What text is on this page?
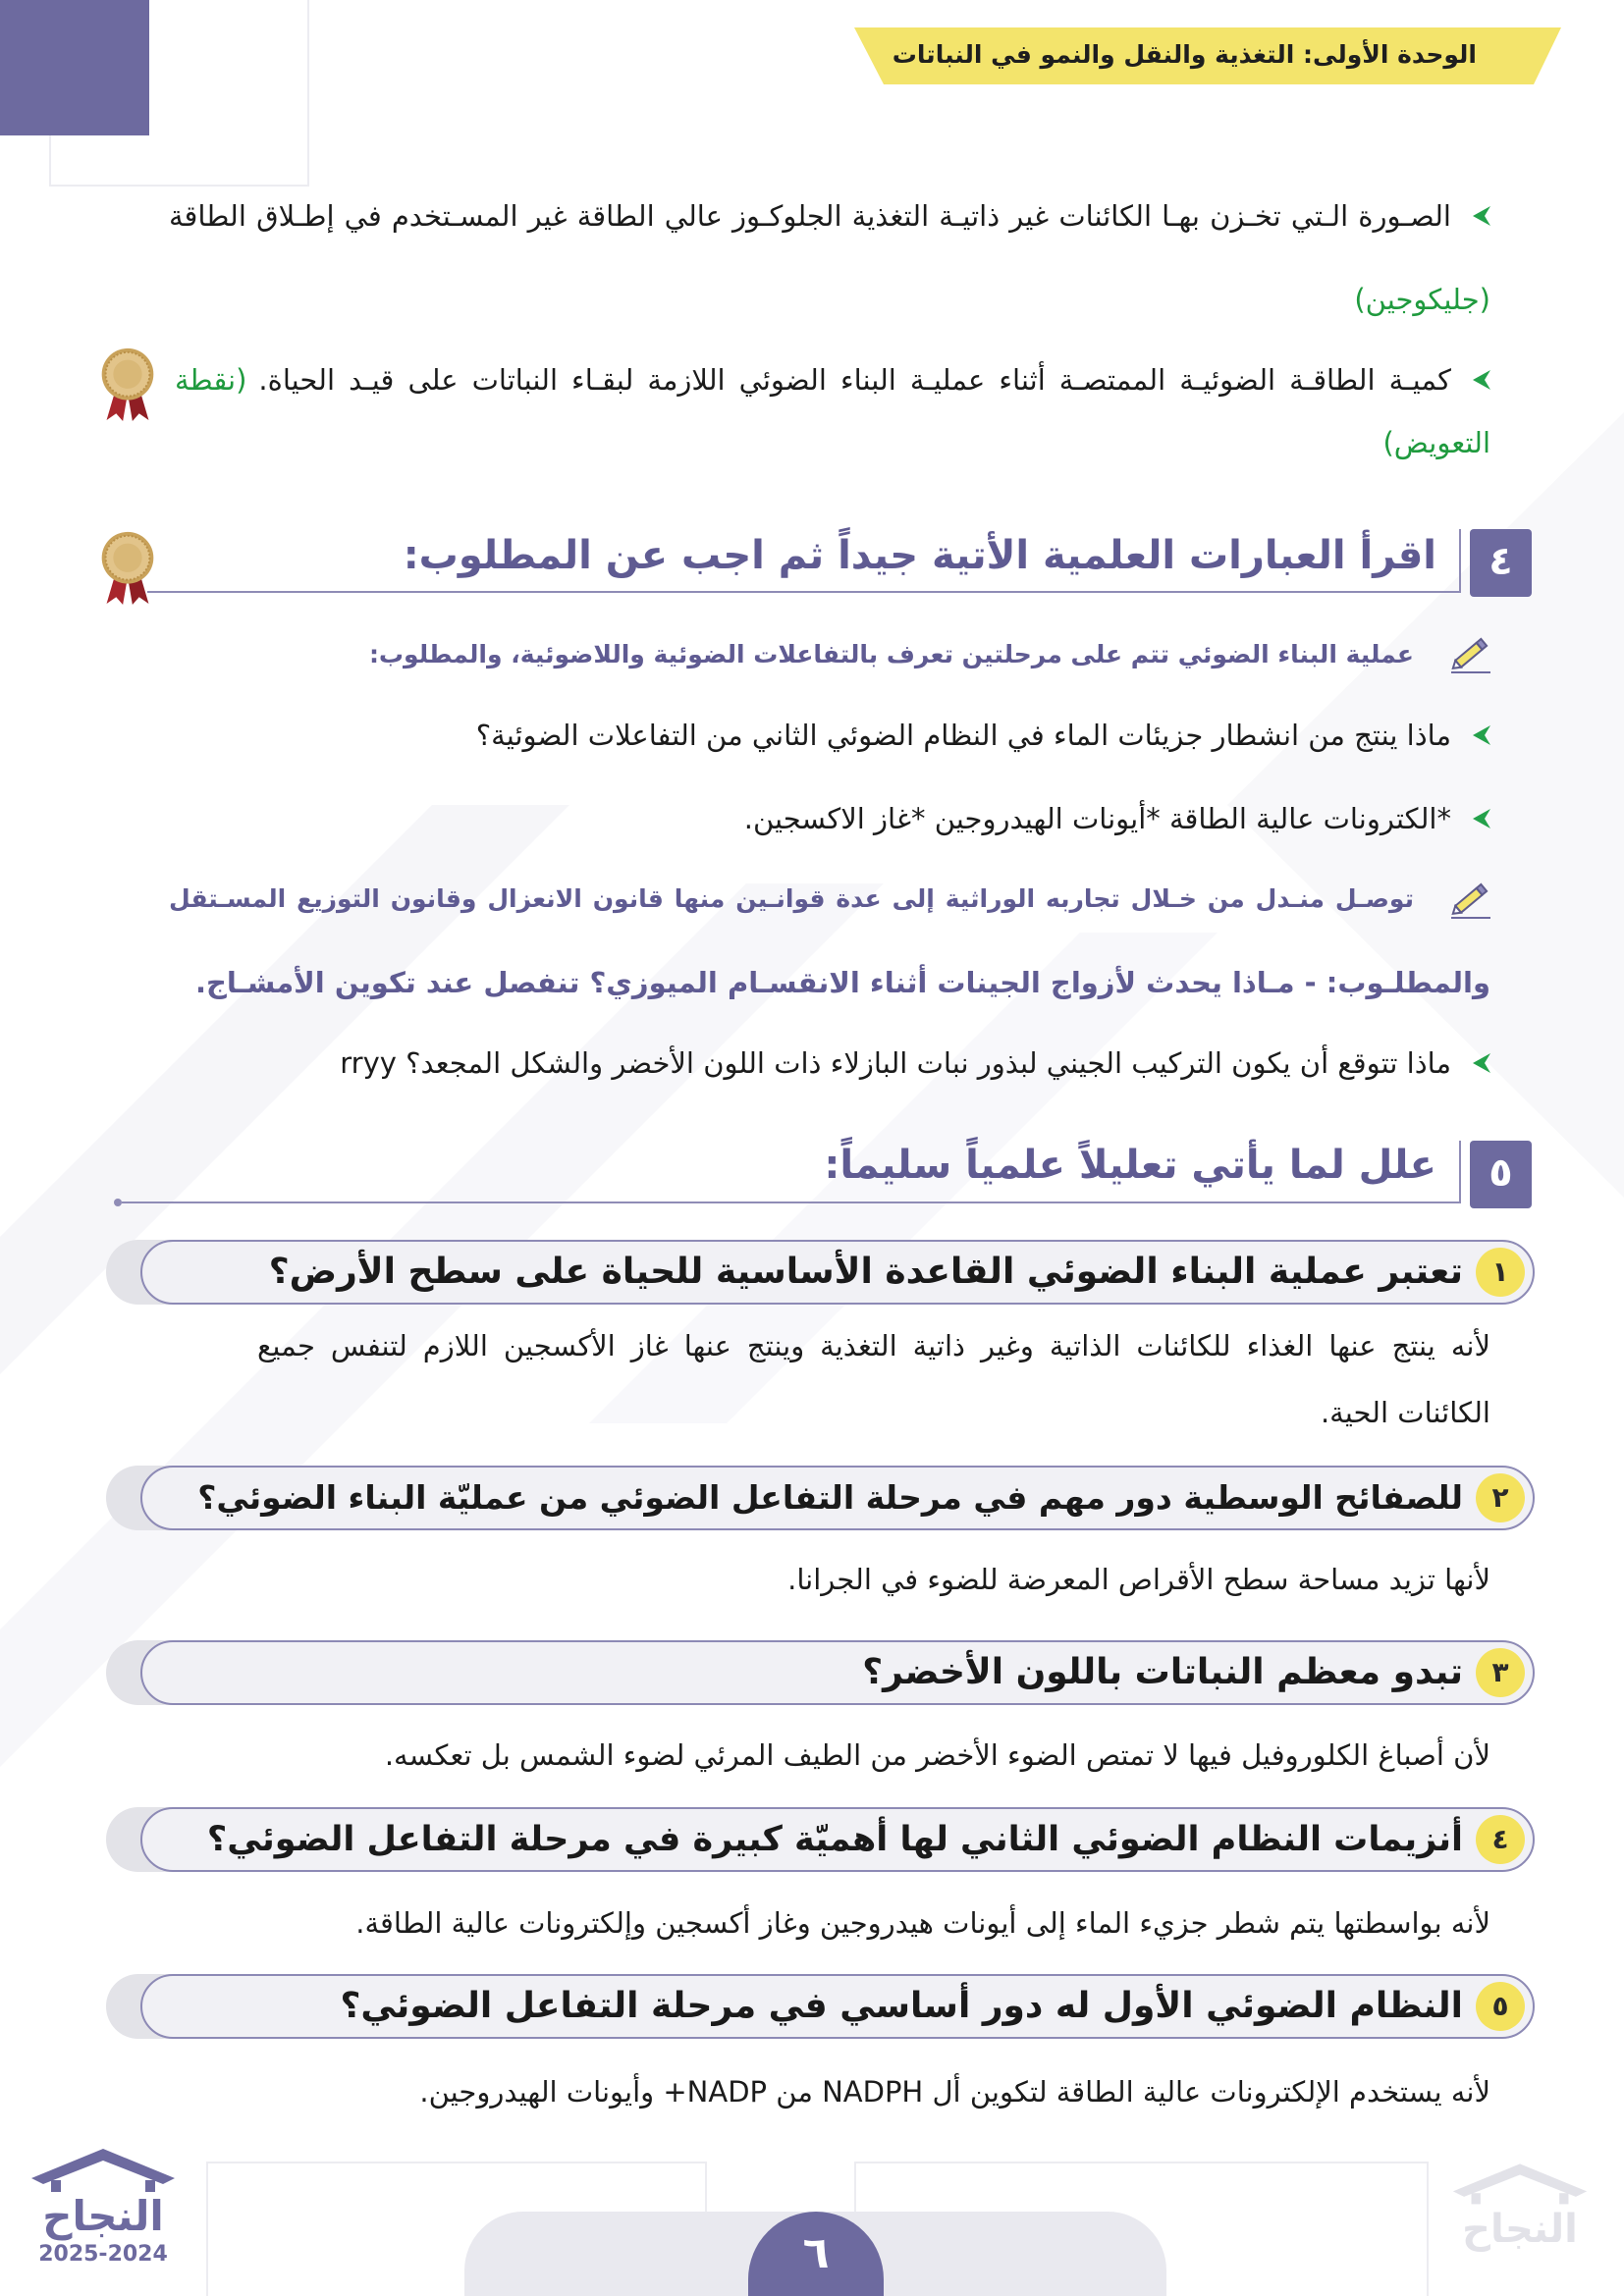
الوحدة الأولى: التغذية والنقل والنمو في النباتات
الصـورة الـتي تخـزن بهـا الكائنات غير ذاتيـة التغذية الجلوكـوز عالي الطاقة غير المسـتخدم في إطـلاق الطاقة
(جليكوجين)
كميـة الطاقـة الضوئيـة الممتصـة أثناء عمليـة البناء الضوئي اللازمة لبقـاء النباتات على قيـد الحياة.(نقطة
التعويض)
٤
اقرأ العبارات العلمية الأتية جيداً ثم اجب عن المطلوب:
عملية البناء الضوئي تتم على مرحلتين تعرف بالتفاعلات الضوئية واللاضوئية، والمطلوب:
ماذا ينتج من انشطار جزيئات الماء في النظام الضوئي الثاني من التفاعلات الضوئية؟
*الكترونات عالية الطاقة *أيونات الهيدروجين *غاز الاكسجين.
توصـل منـدل من خـلال تجاربه الوراثية إلى عدة قوانـين منها قانون الانعزال وقانون التوزيع المسـتقل
والمطلـوب: - مـاذا يحدث لأزواج الجينات أثناء الانقسـام الميوزي؟ تنفصل عند تكوين الأمشـاج.
ماذا تتوقع أن يكون التركيب الجيني لبذور نبات البازلاء ذات اللون الأخضر والشكل المجعد؟ rryy
٥
علل لما يأتي تعليلاً علمياً سليماً:
١
تعتبر عملية البناء الضوئي القاعدة الأساسية للحياة على سطح الأرض؟
لأنه ينتج عنها الغذاء للكائنات الذاتية وغير ذاتية التغذية وينتج عنها غاز الأكسجين اللازم لتنفس جميع
الكائنات الحية.
٢
للصفائح الوسطية دور مهم في مرحلة التفاعل الضوئي من عمليّة البناء الضوئي؟
لأنها تزيد مساحة سطح الأقراص المعرضة للضوء في الجرانا.
٣
تبدو معظم النباتات باللون الأخضر؟
لأن أصباغ الكلوروفيل فيها لا تمتص الضوء الأخضر من الطيف المرئي لضوء الشمس بل تعكسه.
٤
أنزيمات النظام الضوئي الثاني لها أهميّة كبيرة في مرحلة التفاعل الضوئي؟
لأنه بواسطتها يتم شطر جزيء الماء إلى أيونات هيدروجين وغاز أكسجين وإلكترونات عالية الطاقة.
٥
النظام الضوئي الأول له دور أساسي في مرحلة التفاعل الضوئي؟
لأنه يستخدم الإلكترونات عالية الطاقة لتكوين أل NADPH من NADP+ وأيونات الهيدروجين.
٦
النجاح
2025-2024
النجاح
